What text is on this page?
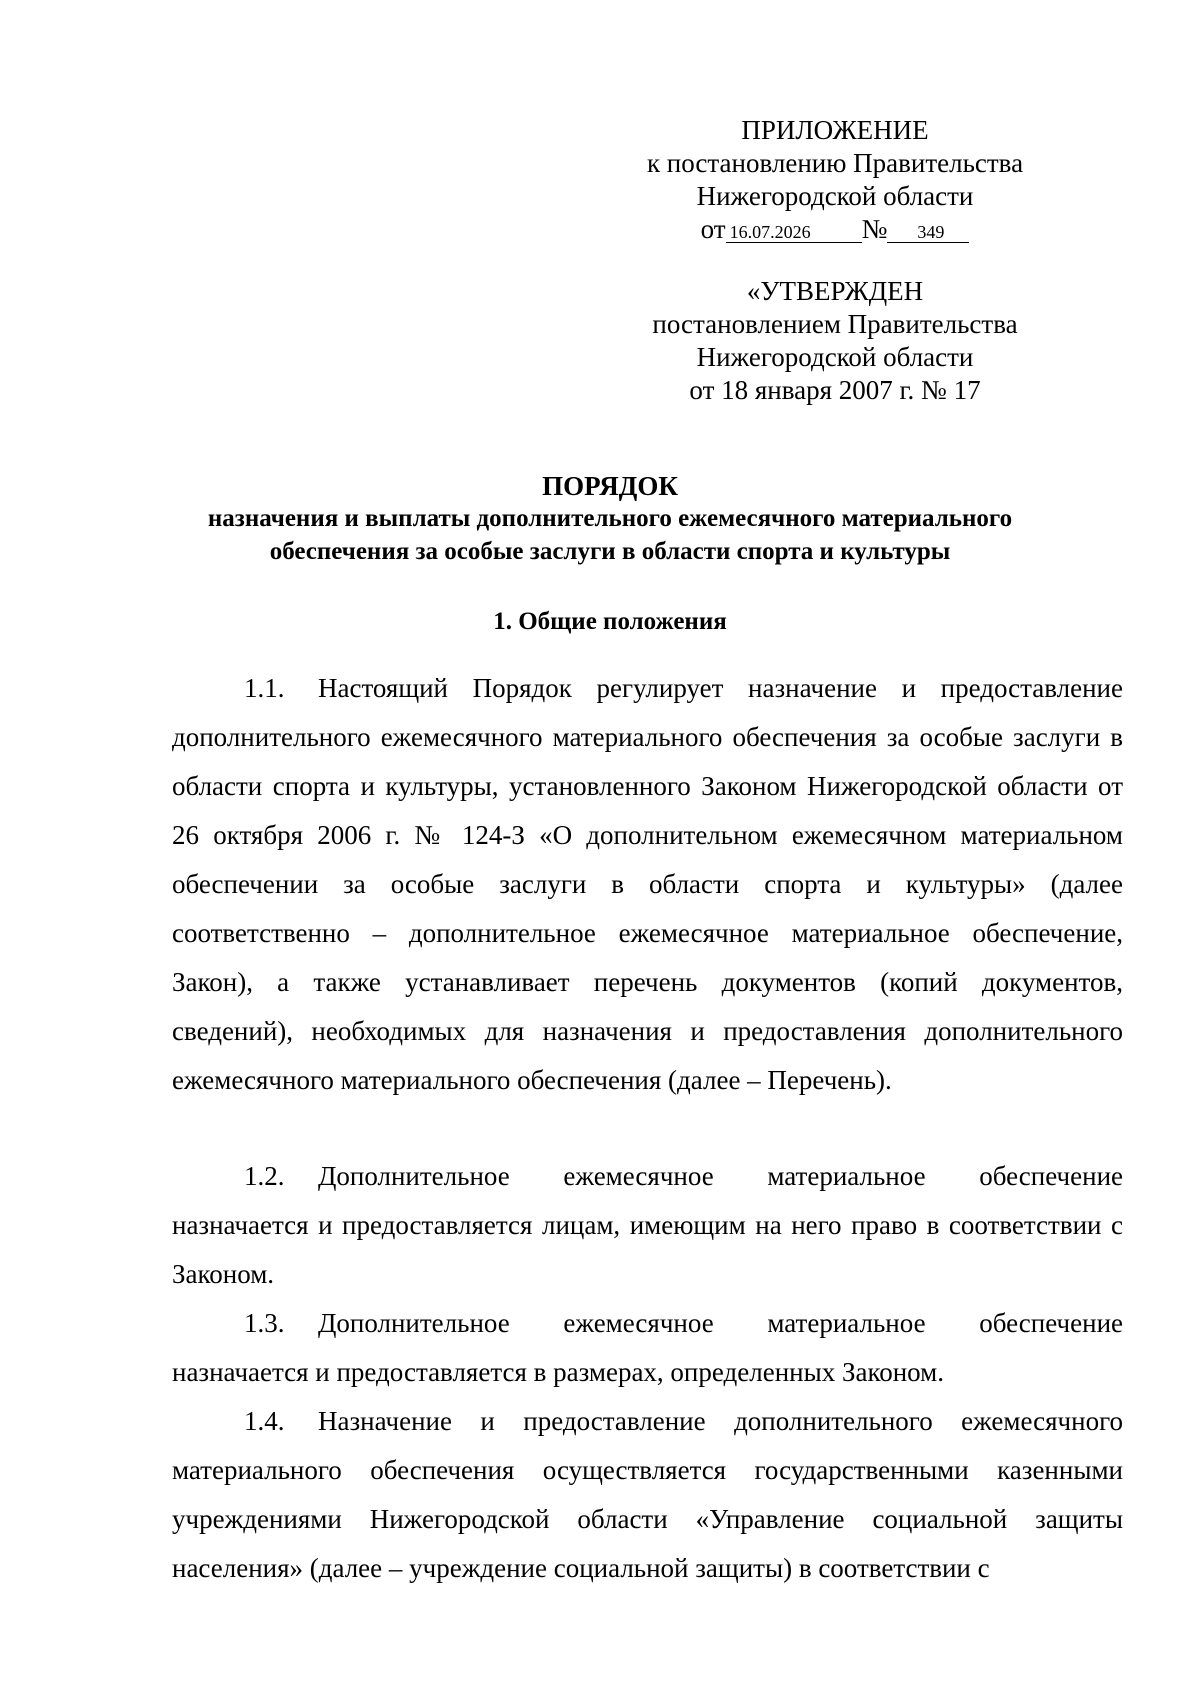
ПРИЛОЖЕНИЕ
к постановлению Правительства
Нижегородской области
от 16.07.2026 № 349
«УТВЕРЖДЕН
постановлением Правительства
Нижегородской области
от 18 января 2007 г. № 17
ПОРЯДОК
назначения и выплаты дополнительного ежемесячного материального
обеспечения за особые заслуги в области спорта и культуры
1. Общие положения

1.1. Настоящий Порядок регулирует назначение и предоставление дополнительного ежемесячного материального обеспечения за особые заслуги в области спорта и культуры, установленного Законом Нижегородской области от 26 октября 2006 г. № 124-З «О дополнительном ежемесячном материальном обеспечении за особые заслуги в области спорта и культуры» (далее соответственно – дополнительное ежемесячное материальное обеспечение, Закон), а также устанавливает перечень документов (копий документов, сведений), необходимых для назначения и предоставления дополнительного ежемесячного материального обеспечения (далее – Перечень).

1.2. Дополнительное ежемесячное материальное обеспечение назначается и предоставляется лицам, имеющим на него право в соответствии с Законом.

1.3. Дополнительное ежемесячное материальное обеспечение назначается и предоставляется в размерах, определенных Законом.

1.4. Назначение и предоставление дополнительного ежемесячного материального обеспечения осуществляется государственными казенными учреждениями Нижегородской области «Управление социальной защиты населения» (далее – учреждение социальной защиты) в соответствии с
